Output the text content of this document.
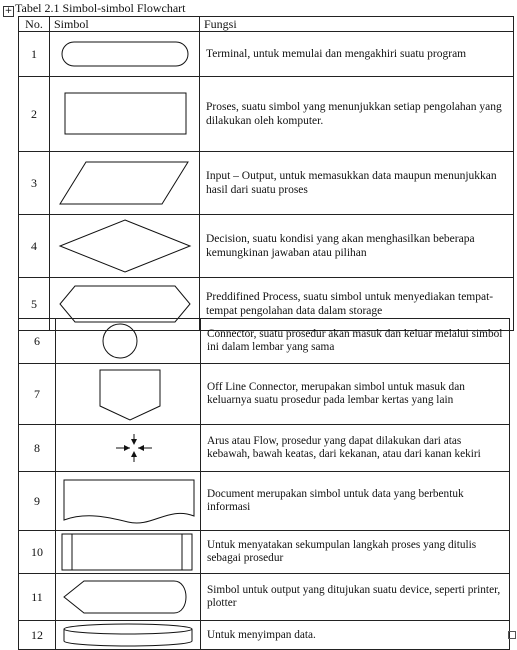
+ Tabel 2.1 Simbol-simbol Flowchart
No.	Simbol	Fungsi
1		Terminal, untuk memulai dan mengakhiri suatu program
2		Proses, suatu simbol yang menunjukkan setiap pengolahan yang dilakukan oleh komputer.
3		Input – Output, untuk memasukkan data maupun menunjukkan hasil dari suatu proses
4		Decision, suatu kondisi yang akan menghasilkan beberapa kemungkinan jawaban atau pilihan
5		Preddifined Process, suatu simbol untuk menyediakan tempat-tempat pengolahan data dalam storage
6		Connector, suatu prosedur akan masuk dan keluar melalui simbol ini dalam lembar yang sama
7		Off Line Connector, merupakan simbol untuk masuk dan keluarnya suatu prosedur pada lembar kertas yang lain
8		Arus atau Flow, prosedur yang dapat dilakukan dari atas kebawah, bawah keatas, dari kekanan, atau dari kanan kekiri
9		Document merupakan simbol untuk data yang berbentuk informasi
10		Untuk menyatakan sekumpulan langkah proses yang ditulis sebagai prosedur
11		Simbol untuk output yang ditujukan suatu device, seperti printer, plotter
12		Untuk menyimpan data.
